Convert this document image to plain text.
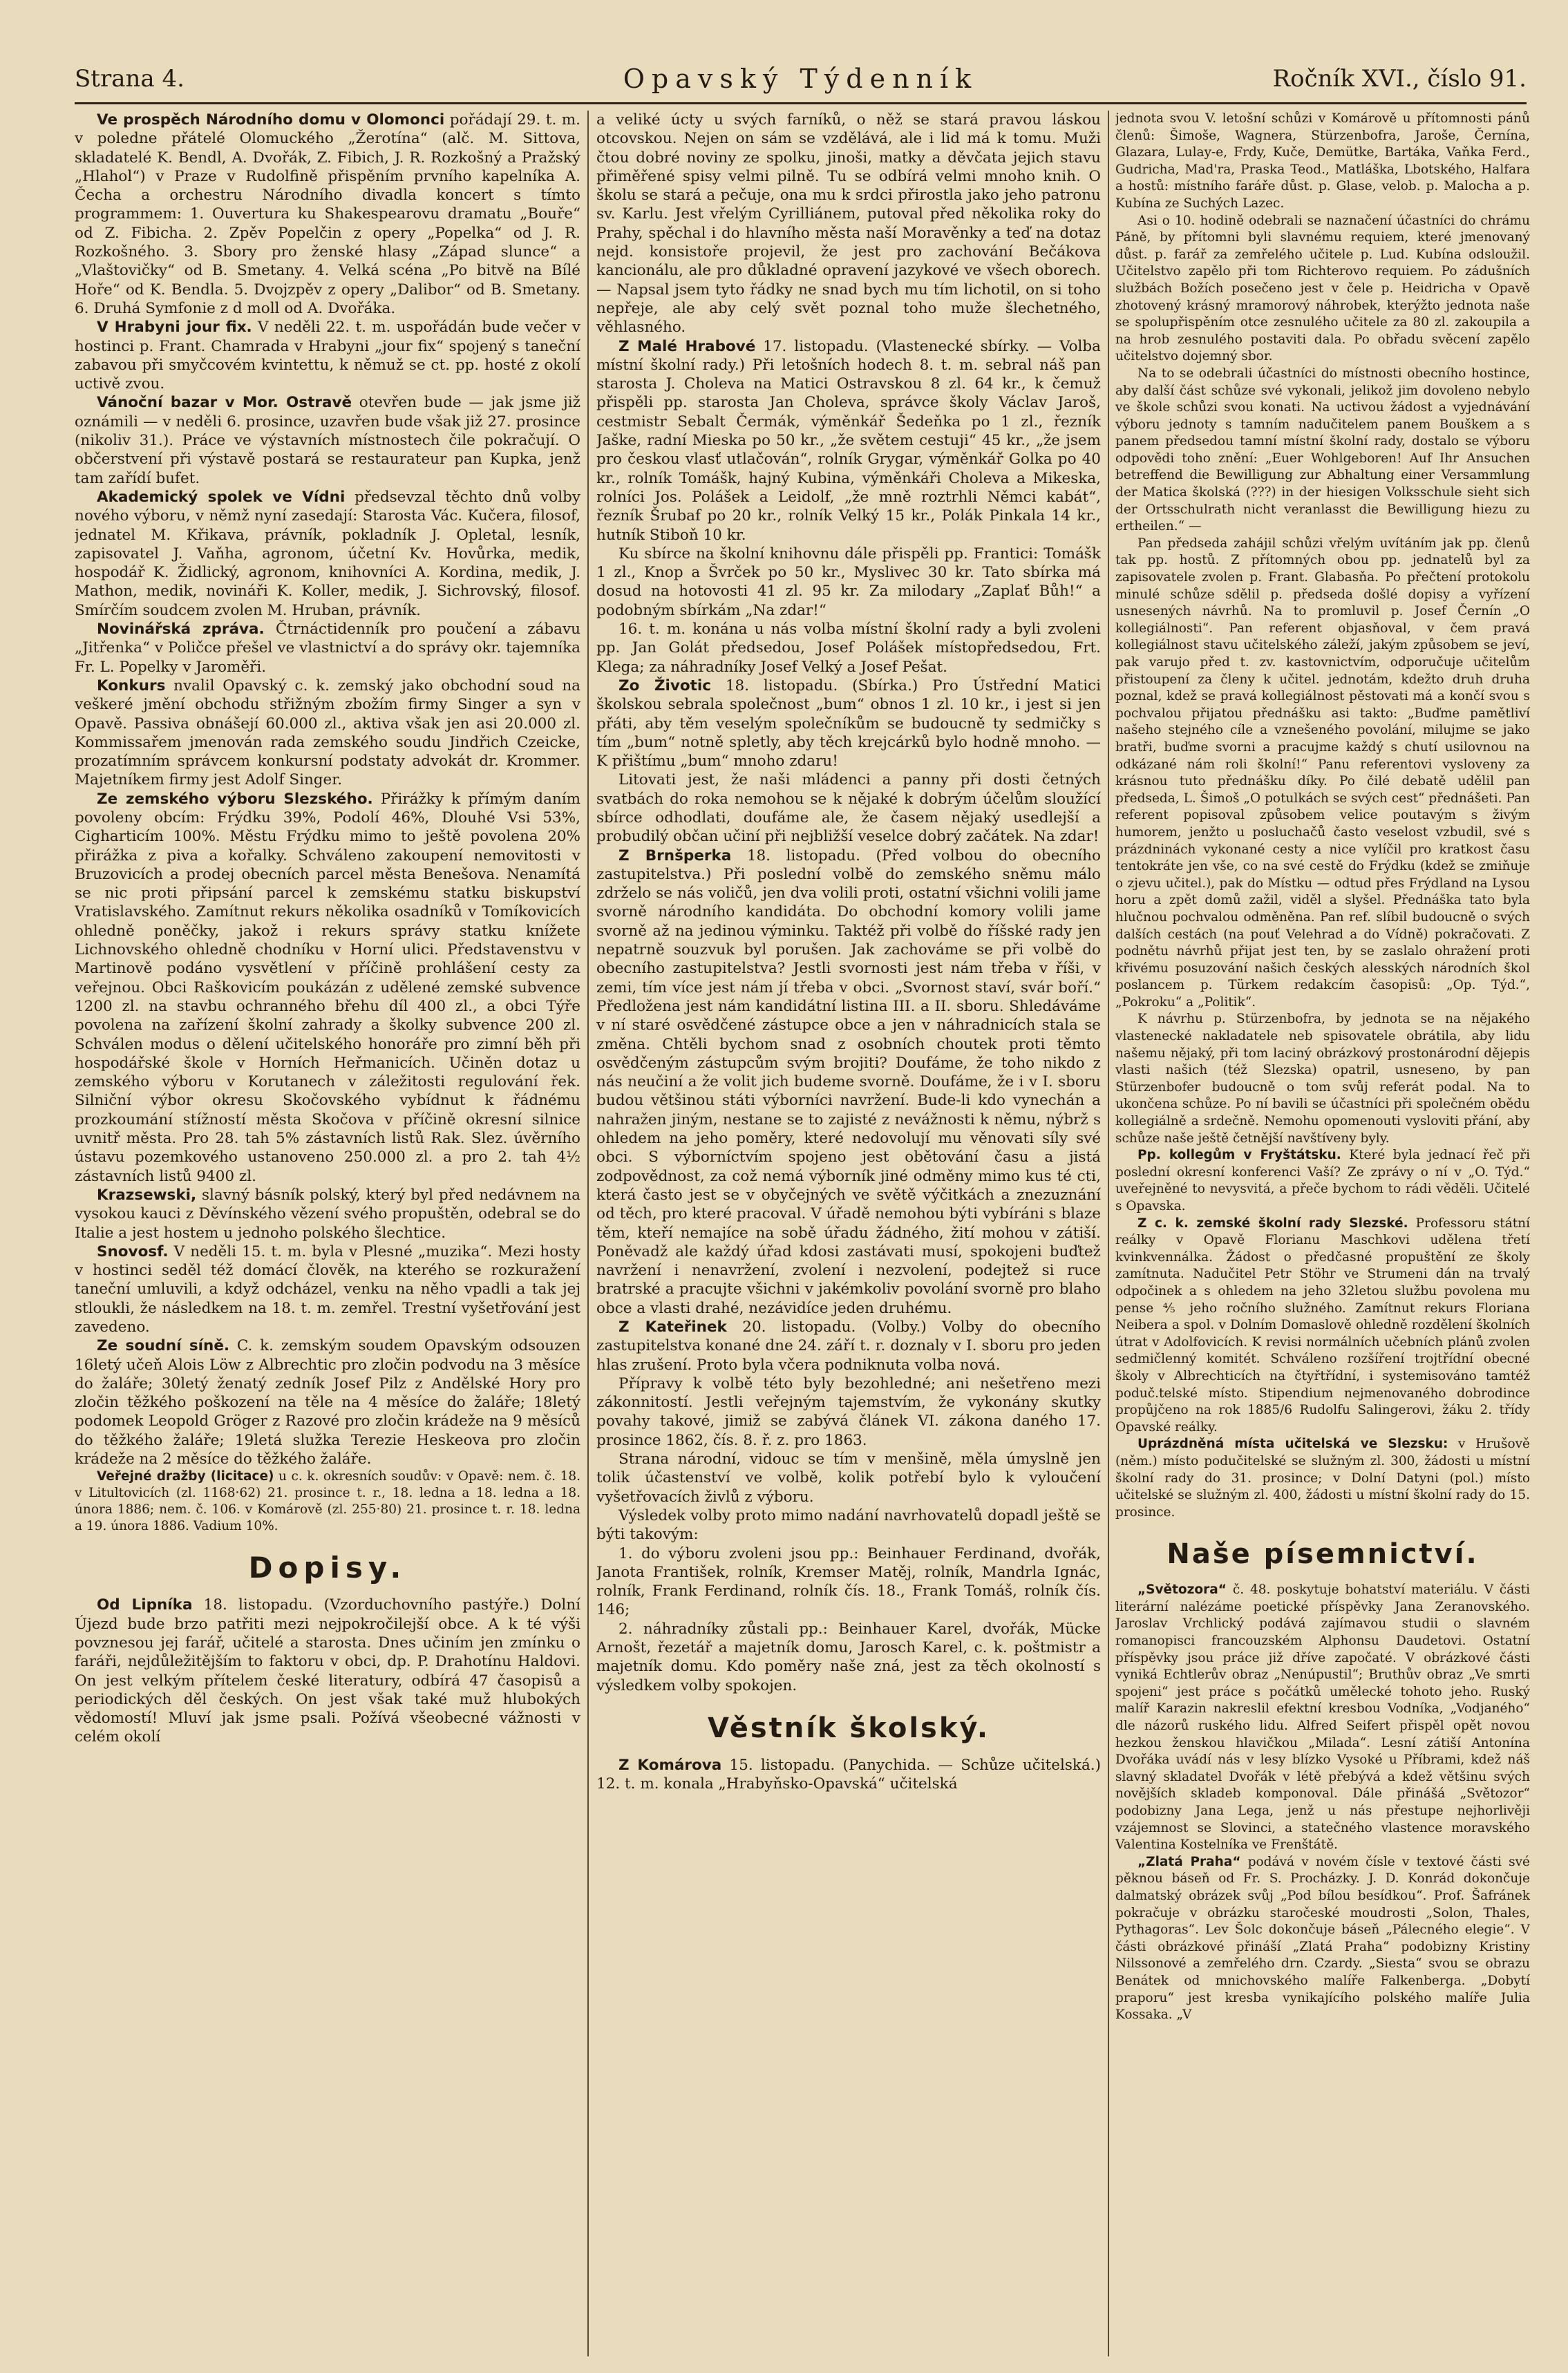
Strana 4.	Opavský Týdenník	Ročník XVI., číslo 91.

Ve prospěch Národního domu v Olomonci pořádají 29. t. m. v poledne přátelé Olomuckého „Žerotína“ (alč. M. Sittova, skladatelé K. Bendl, A. Dvořák, Z. Fibich, J. R. Rozkošný a Pražský „Hlahol“) v Praze v Rudolfině přispěním prvního kapelníka A. Čecha a orchestru Národního divadla koncert s tímto programmem: 1. Ouvertura ku Shakespearovu dramatu „Bouře“ od Z. Fibicha. 2. Zpěv Popelčin z opery „Popelka“ od J. R. Rozkošného. 3. Sbory pro ženské hlasy „Západ slunce“ a „Vlaštovičky“ od B. Smetany. 4. Velká scéna „Po bitvě na Bílé Hoře“ od K. Bendla. 5. Dvojzpěv z opery „Dalibor“ od B. Smetany. 6. Druhá Symfonie z d moll od A. Dvořáka.

V Hrabyni jour fix. V neděli 22. t. m. uspořádán bude večer v hostinci p. Frant. Chamrada v Hrabyni „jour fix“ spojený s taneční zabavou při smyčcovém kvintettu, k němuž se ct. pp. hosté z okolí uctivě zvou.

Vánoční bazar v Mor. Ostravě otevřen bude — jak jsme již oznámili — v neděli 6. prosince, uzavřen bude však již 27. prosince (nikoliv 31.). Práce ve výstavních místnostech čile pokračují. O občerstvení při výstavě postará se restaurateur pan Kupka, jenž tam zařídí bufet.

Akademický spolek ve Vídni předsevzal těchto dnů volby nového výboru, v němž nyní zasedají: Starosta Vác. Kučera, filosof, jednatel M. Křikava, právník, pokladník J. Opletal, lesník, zapisovatel J. Vaňha, agronom, účetní Kv. Hovůrka, medik, hospodář K. Židlický, agronom, knihovníci A. Kordina, medik, J. Mathon, medik, novináři K. Koller, medik, J. Sichrovský, filosof. Smírčím soudcem zvolen M. Hruban, právník.

Novinářská zpráva. Čtrnáctidenník pro poučení a zábavu „Jitřenka“ v Poličce přešel ve vlastnictví a do správy okr. tajemníka Fr. L. Popelky v Jaroměři.

Konkurs nvalil Opavský c. k. zemský jako obchodní soud na veškeré jmění obchodu střižným zbožím firmy Singer a syn v Opavě. Passiva obnášejí 60.000 zl., aktiva však jen asi 20.000 zl. Kommissařem jmenován rada zemského soudu Jindřich Czeicke, prozatímním správcem konkursní podstaty advokát dr. Krommer. Majetníkem firmy jest Adolf Singer.

Ze zemského výboru Slezského. Přirážky k přímým daním povoleny obcím: Frýdku 39%, Podolí 46%, Dlouhé Vsi 53%, Cigharticím 100%. Městu Frýdku mimo to ještě povolena 20% přirážka z piva a kořalky. Schváleno zakoupení nemovitosti v Bruzovicích a prodej obecních parcel města Benešova. Nenamítá se nic proti připsání parcel k zemskému statku biskupství Vratislavského. Zamítnut rekurs několika osadníků v Tomíkovicích ohledně poněčky, jakož i rekurs správy statku knížete Lichnovského ohledně chodníku v Horní ulici. Představenstvu v Martinově podáno vysvětlení v příčině prohlášení cesty za veřejnou. Obci Raškovicím poukázán z udělené zemské subvence 1200 zl. na stavbu ochranného břehu díl 400 zl., a obci Týře povolena na zařízení školní zahrady a školky subvence 200 zl. Schválen modus o dělení učitelského honoráře pro zimní běh při hospodářské škole v Horních Heřmanicích. Učiněn dotaz u zemského výboru v Korutanech v záležitosti regulování řek. Silniční výbor okresu Skočovského vybídnut k řádnému prozkoumání stížností města Skočova v příčině okresní silnice uvnitř města. Pro 28. tah 5% zástavních listů Rak. Slez. úvěrního ústavu pozemkového ustanoveno 250.000 zl. a pro 2. tah 4½ zástavních listů 9400 zl.

Krazsewski, slavný básník polský, který byl před nedávnem na vysokou kauci z Děvínského vězení svého propuštěn, odebral se do Italie a jest hostem u jednoho polského šlechtice.

Snovosf. V neděli 15. t. m. byla v Plesné „muzika“. Mezi hosty v hostinci seděl též domácí člověk, na kterého se rozkuražení taneční umluvili, a když odcházel, venku na něho vpadli a tak jej stloukli, že následkem na 18. t. m. zemřel. Trestní vyšetřování jest zavedeno.

Ze soudní síně. C. k. zemským soudem Opavským odsouzen 16letý učeň Alois Löw z Albrechtic pro zločin podvodu na 3 měsíce do žaláře; 30letý ženatý zedník Josef Pilz z Andělské Hory pro zločin těžkého poškození na těle na 4 měsíce do žaláře; 18letý podomek Leopold Gröger z Razové pro zločin krádeže na 9 měsíců do těžkého žaláře; 19letá služka Terezie Heskeova pro zločin krádeže na 2 měsíce do těžkého žaláře.

Veřejné dražby (licitace) u c. k. okresních soudův: v Opavě: nem. č. 18. v Litultovicích (zl. 1168·62) 21. prosince t. r., 18. ledna a 18. ledna a 18. února 1886; nem. č. 106. v Komárově (zl. 255·80) 21. prosince t. r. 18. ledna a 19. února 1886. Vadium 10%.

Dopisy.

Od Lipníka 18. listopadu. (Vzorduchovního pastýře.) Dolní Újezd bude brzo patřiti mezi nejpokročilejší obce. A k té výši povznesou jej farář, učitelé a starosta. Dnes učiním jen zmínku o faráři, nejdůležitějším to faktoru v obci, dp. P. Drahotínu Haldovi. On jest velkým přítelem české literatury, odbírá 47 časopisů a periodických děl českých. On jest však také muž hlubokých vědomostí! Mluví jak jsme psali. Požívá všeobecné vážnosti v celém okolí

a veliké úcty u svých farníků, o něž se stará pravou láskou otcovskou. Nejen on sám se vzdělává, ale i lid má k tomu. Muži čtou dobré noviny ze spolku, jinoši, matky a děvčata jejich stavu přiměřené spisy velmi pilně. Tu se odbírá velmi mnoho knih. O školu se stará a pečuje, ona mu k srdci přirostla jako jeho patronu sv. Karlu. Jest vřelým Cyrilliánem, putoval před několika roky do Prahy, spěchal i do hlavního města naší Moravěnky a teď na dotaz nejd. konsistoře projevil, že jest pro zachování Bečákova kancionálu, ale pro důkladné opravení jazykové ve všech oborech. — Napsal jsem tyto řádky ne snad bych mu tím lichotil, on si toho nepřeje, ale aby celý svět poznal toho muže šlechetného, věhlasného.

Z Malé Hrabové 17. listopadu. (Vlastenecké sbírky. — Volba místní školní rady.) Při letošních hodech 8. t. m. sebral náš pan starosta J. Choleva na Matici Ostravskou 8 zl. 64 kr., k čemuž přispěli pp. starosta Jan Choleva, správce školy Václav Jaroš, cestmistr Sebalt Čermák, výměnkář Šedeňka po 1 zl., řezník Jaške, radní Mieska po 50 kr., „že světem cestuji“ 45 kr., „že jsem pro českou vlasť utlačován“, rolník Grygar, výměnkář Golka po 40 kr., rolník Tomášk, hajný Kubina, výměnkáři Choleva a Mikeska, rolníci Jos. Polášek a Leidolf, „že mně roztrhli Němci kabát“, řezník Šrubaf po 20 kr., rolník Velký 15 kr., Polák Pinkala 14 kr., hutník Stiboň 10 kr.

Ku sbírce na školní knihovnu dále přispěli pp. Frantici: Tomášk 1 zl., Knop a Švrček po 50 kr., Myslivec 30 kr. Tato sbírka má dosud na hotovosti 41 zl. 95 kr. Za milodary „Zaplať Bůh!“ a podobným sbírkám „Na zdar!“

16. t. m. konána u nás volba místní školní rady a byli zvoleni pp. Jan Golát předsedou, Josef Polášek místopředsedou, Frt. Klega; za náhradníky Josef Velký a Josef Pešat.

Zo Životic 18. listopadu. (Sbírka.) Pro Ústřední Matici školskou sebrala společnost „bum“ obnos 1 zl. 10 kr., i jest si jen přáti, aby těm veselým společníkům se budoucně ty sedmičky s tím „bum“ notně spletly, aby těch krejcárků bylo hodně mnoho. — K přištímu „bum“ mnoho zdaru!

Litovati jest, že naši mládenci a panny při dosti četných svatbách do roka nemohou se k nějaké k dobrým účelům sloužící sbírce odhodlati, doufáme ale, že časem nějaký usedlejší a probudilý občan učiní při nejbližší veselce dobrý začátek. Na zdar!

Z Brnšperka 18. listopadu. (Před volbou do obecního zastupitelstva.) Při poslední volbě do zemského sněmu málo zdrželo se nás voličů, jen dva volili proti, ostatní všichni volili jame svorně národního kandidáta. Do obchodní komory volili jame svorně až na jedinou výminku. Taktéž při volbě do říšské rady jen nepatrně souzvuk byl porušen. Jak zachováme se při volbě do obecního zastupitelstva? Jestli svornosti jest nám třeba v říši, v zemi, tím více jest nám jí třeba v obci. „Svornost staví, svár boří.“ Předložena jest nám kandidátní listina III. a II. sboru. Shledáváme v ní staré osvědčené zástupce obce a jen v náhradnicích stala se změna. Chtěli bychom snad z osobních choutek proti těmto osvědčeným zástupcům svým brojiti? Doufáme, že toho nikdo z nás neučiní a že volit jich budeme svorně. Doufáme, že i v I. sboru budou většinou státi výborníci navržení. Bude-li kdo vynechán a nahražen jiným, nestane se to zajisté z nevážnosti k němu, nýbrž s ohledem na jeho poměry, které nedovolují mu věnovati síly své obci. S výborníctvím spojeno jest obětování času a jistá zodpovědnost, za což nemá výborník jiné odměny mimo kus té cti, která často jest se v obyčejných ve světě výčitkách a znezuznání od těch, pro které pracoval. V úřadě nemohou býti vybíráni s blaze těm, kteří nemajíce na sobě úřadu žádného, žití mohou v zátiší. Poněvadž ale každý úřad kdosi zastávati musí, spokojeni buďtež navržení i nenavržení, zvolení i nezvolení, podejtež si ruce bratrské a pracujte všichni v jakémkoliv povolání svorně pro blaho obce a vlasti drahé, nezávidíce jeden druhému.

Z Kateřinek 20. listopadu. (Volby.) Volby do obecního zastupitelstva konané dne 24. září t. r. doznaly v I. sboru pro jeden hlas zrušení. Proto byla včera podniknuta volba nová.

Přípravy k volbě této byly bezohledné; ani nešetřeno mezi zákonnitostí. Jestli veřejným tajemstvím, že vykonány skutky povahy takové, jimiž se zabývá článek VI. zákona daného 17. prosince 1862, čís. 8. ř. z. pro 1863.

Strana národní, vidouc se tím v menšině, měla úmyslně jen tolik účastenství ve volbě, kolik potřebí bylo k vyloučení vyšetřovacích živlů z výboru.

Výsledek volby proto mimo nadání navrhovatelů dopadl ještě se býti takovým:

1. do výboru zvoleni jsou pp.: Beinhauer Ferdinand, dvořák, Janota František, rolník, Kremser Matěj, rolník, Mandrla Ignác, rolník, Frank Ferdinand, rolník čís. 18., Frank Tomáš, rolník čís. 146;

2. náhradníky zůstali pp.: Beinhauer Karel, dvořák, Mücke Arnošt, řezetář a majetník domu, Jarosch Karel, c. k. poštmistr a majetník domu. Kdo poměry naše zná, jest za těch okolností s výsledkem volby spokojen.

Věstník školský.

Z Komárova 15. listopadu. (Panychida. — Schůze učitelská.) 12. t. m. konala „Hrabyňsko-Opavská“ učitelská

jednota svou V. letošní schůzi v Komárově u přítomnosti pánů členů: Šimoše, Wagnera, Stürzenbofra, Jaroše, Černína, Glazara, Lulay-e, Frdy, Kuče, Demütke, Bartáka, Vaňka Ferd., Gudricha, Mad'ra, Praska Teod., Matláška, Lbotského, Halfara a hostů: místního faráře důst. p. Glase, velob. p. Malocha a p. Kubína ze Suchých Lazec.

Asi o 10. hodině odebrali se naznačení účastníci do chrámu Páně, by přítomni byli slavnému requiem, které jmenovaný důst. p. farář za zemřelého učitele p. Lud. Kubína odsloužil. Učitelstvo zapělo při tom Richterovo requiem. Po zádušních službách Božích posečeno jest v čele p. Heidricha v Opavě zhotovený krásný mramorový náhrobek, kterýžto jednota naše se spolupřispěním otce zesnulého učitele za 80 zl. zakoupila a na hrob zesnulého postaviti dala. Po obřadu svěcení zapělo učitelstvo dojemný sbor.

Na to se odebrali účastníci do místnosti obecního hostince, aby další část schůze své vykonali, jelikož jim dovoleno nebylo ve škole schůzi svou konati. Na uctivou žádost a vyjednávání výboru jednoty s tamním nadučitelem panem Bouškem a s panem předsedou tamní místní školní rady, dostalo se výboru odpovědi toho znění: „Euer Wohlgeboren! Auf Ihr Ansuchen betreffend die Bewilligung zur Abhaltung einer Versammlung der Matica školská (???) in der hiesigen Volksschule sieht sich der Ortsschulrath nicht veranlasst die Bewilligung hiezu zu ertheilen.“ —

Pan předseda zahájil schůzi vřelým uvítáním jak pp. členů tak pp. hostů. Z přítomných obou pp. jednatelů byl za zapisovatele zvolen p. Frant. Glabasňa. Po přečtení protokolu minulé schůze sdělil p. předseda došlé dopisy a vyřízení usnesených návrhů. Na to promluvil p. Josef Černín „O kollegiálnosti“. Pan referent objasňoval, v čem pravá kollegiálnost stavu učitelského záleží, jakým způsobem se jeví, pak varujo před t. zv. kastovnictvím, odporučuje učitelům přistoupení za členy k učitel. jednotám, kdežto druh druha poznal, kdež se pravá kollegiálnost pěstovati má a končí svou s pochvalou přijatou přednášku asi takto: „Buďme pamětliví našeho stejného cíle a vznešeného povolání, milujme se jako bratři, buďme svorni a pracujme každý s chutí usilovnou na odkázané nám roli školní!“ Panu referentovi vysloveny za krásnou tuto přednášku díky. Po čilé debatě udělil pan předseda, L. Šimoš „O potulkách se svých cest“ přednášeti. Pan referent popisoval způsobem velice poutavým s živým humorem, jenžto u posluchačů často veselost vzbudil, své s prázdninách vykonané cesty a nice vylíčil pro kratkost času tentokráte jen vše, co na své cestě do Frýdku (kdež se zmiňuje o zjevu učitel.), pak do Místku — odtud přes Frýdland na Lysou horu a zpět domů zažil, viděl a slyšel. Přednáška tato byla hlučnou pochvalou odměněna. Pan ref. slíbil budoucně o svých dalších cestách (na pouť Velehrad a do Vídně) pokračovati. Z podnětu návrhů přijat jest ten, by se zaslalo ohražení proti křivému posuzování našich českých alesských národních škol poslancem p. Türkem redakcím časopisů: „Op. Týd.“, „Pokroku“ a „Politik“.

K návrhu p. Stürzenbofra, by jednota se na nějakého vlastenecké nakladatele neb spisovatele obrátila, aby lidu našemu nějaký, při tom laciný obrázkový prostonárodní dějepis vlasti našich (též Slezska) opatril, usneseno, by pan Stürzenbofer budoucně o tom svůj referát podal. Na to ukončena schůze. Po ní bavili se účastníci při společném obědu kollegiálně a srdečně. Nemohu opomenouti vysloviti přání, aby schůze naše ještě četnější navštíveny byly.

Pp. kollegům v Fryštátsku. Které byla jednací řeč při poslední okresní konferenci Vaší? Ze zprávy o ní v „O. Týd.“ uveřejněné to nevysvitá, a přeče bychom to rádi věděli. Učitelé s Opavska.

Z c. k. zemské školní rady Slezské. Professoru státní reálky v Opavě Florianu Maschkovi udělena třetí kvinkvennálka. Žádost o předčasné propuštění ze školy zamítnuta. Nadučitel Petr Stöhr ve Strumeni dán na trvalý odpočinek a s ohledem na jeho 32letou službu povolena mu pense ⅘ jeho ročního služného. Zamítnut rekurs Floriana Neibera a spol. v Dolním Domaslově ohledně rozdělení školních útrat v Adolfovicích. K revisi normálních učebních plánů zvolen sedmičlenný komitét. Schváleno rozšíření trojtřídní obecné školy v Albrechticích na čtyřtřídní, i systemisováno tamtéž poduč.telské místo. Stipendium nejmenovaného dobrodince propůjčeno na rok 1885/6 Rudolfu Salingerovi, žáku 2. třídy Opavské reálky.

Uprázdněná místa učitelská ve Slezsku: v Hrušově (něm.) místo podučitelské se služným zl. 300, žádosti u místní školní rady do 31. prosince; v Dolní Datyni (pol.) místo učitelské se služným zl. 400, žádosti u místní školní rady do 15. prosince.

Naše písemnictví.

„Světozora“ č. 48. poskytuje bohatství materiálu. V části literární nalézáme poetické příspěvky Jana Zeranovského. Jaroslav Vrchlický podává zajímavou studii o slavném romanopisci francouzském Alphonsu Daudetovi. Ostatní příspěvky jsou práce již dříve započaté. V obrázkové části vyniká Echtlerův obraz „Nenúpustil“; Bruthův obraz „Ve smrti spojeni“ jest práce s počátků umělecké tohoto jeho. Ruský malíř Karazin nakreslil efektní kresbou Vodníka, „Vodjaného“ dle názorů ruského lidu. Alfred Seifert přispěl opět novou hezkou ženskou hlavičkou „Milada“. Lesní zátiší Antonína Dvořáka uvádí nás v lesy blízko Vysoké u Příbrami, kdež náš slavný skladatel Dvořák v létě přebývá a kdež většinu svých novějších skladeb komponoval. Dále přinášá „Světozor“ podobizny Jana Lega, jenž u nás přestupe nejhorlivěji vzájemnost se Slovinci, a statečného vlastence moravského Valentina Kostelníka ve Frenštátě.

„Zlatá Praha“ podává v novém čísle v textové části své pěknou báseň od Fr. S. Procházky. J. D. Konrád dokončuje dalmatský obrázek svůj „Pod bílou besídkou“. Prof. Šafránek pokračuje v obrázku staročeské moudrosti „Solon, Thales, Pythagoras“. Lev Šolc dokončuje báseň „Pálecného elegie“. V části obrázkové přináší „Zlatá Praha“ podobizny Kristiny Nilssonové a zemřelého drn. Czardy. „Siesta“ svou se obrazu Benátek od mnichovského malíře Falkenberga. „Dobytí praporu“ jest kresba vynikajícího polského malíře Julia Kossaka. „V
